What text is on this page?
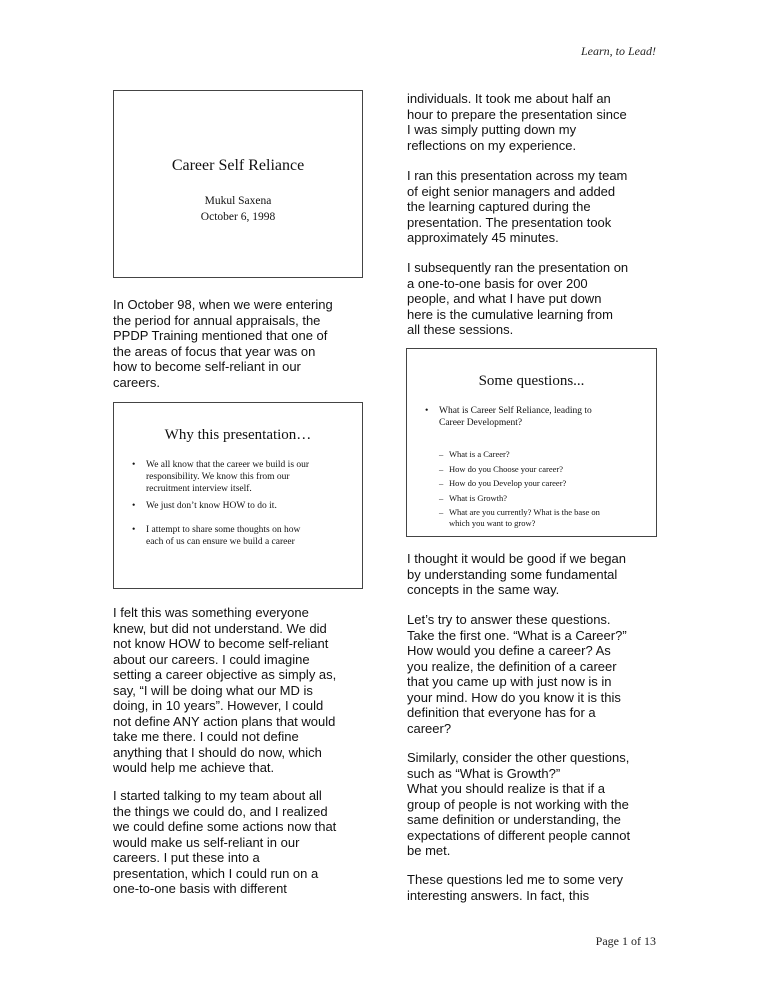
Learn, to Lead!
Career Self Reliance
Mukul Saxena
October 6, 1998

In October 98, when we were entering
the period for annual appraisals, the
PPDP Training mentioned that one of
the areas of focus that year was on
how to become self-reliant in our
careers.

Why this presentation…
• We all know that the career we build is our
responsibility. We know this from our
recruitment interview itself.
• We just don’t know HOW to do it.
• I attempt to share some thoughts on how
each of us can ensure we build a career

I felt this was something everyone
knew, but did not understand. We did
not know HOW to become self-reliant
about our careers. I could imagine
setting a career objective as simply as,
say, “I will be doing what our MD is
doing, in 10 years”. However, I could
not define ANY action plans that would
take me there. I could not define
anything that I should do now, which
would help me achieve that.

I started talking to my team about all
the things we could do, and I realized
we could define some actions now that
would make us self-reliant in our
careers. I put these into a
presentation, which I could run on a
one-to-one basis with different

individuals. It took me about half an
hour to prepare the presentation since
I was simply putting down my
reflections on my experience.

I ran this presentation across my team
of eight senior managers and added
the learning captured during the
presentation. The presentation took
approximately 45 minutes.

I subsequently ran the presentation on
a one-to-one basis for over 200
people, and what I have put down
here is the cumulative learning from
all these sessions.

Some questions...
• What is Career Self Reliance, leading to
Career Development?
– What is a Career?
– How do you Choose your career?
– How do you Develop your career?
– What is Growth?
– What are you currently? What is the base on
which you want to grow?

I thought it would be good if we began
by understanding some fundamental
concepts in the same way.

Let’s try to answer these questions.
Take the first one. “What is a Career?”
How would you define a career? As
you realize, the definition of a career
that you came up with just now is in
your mind. How do you know it is this
definition that everyone has for a
career?

Similarly, consider the other questions,
such as “What is Growth?”
What you should realize is that if a
group of people is not working with the
same definition or understanding, the
expectations of different people cannot
be met.

These questions led me to some very
interesting answers. In fact, this

Page 1 of 13
